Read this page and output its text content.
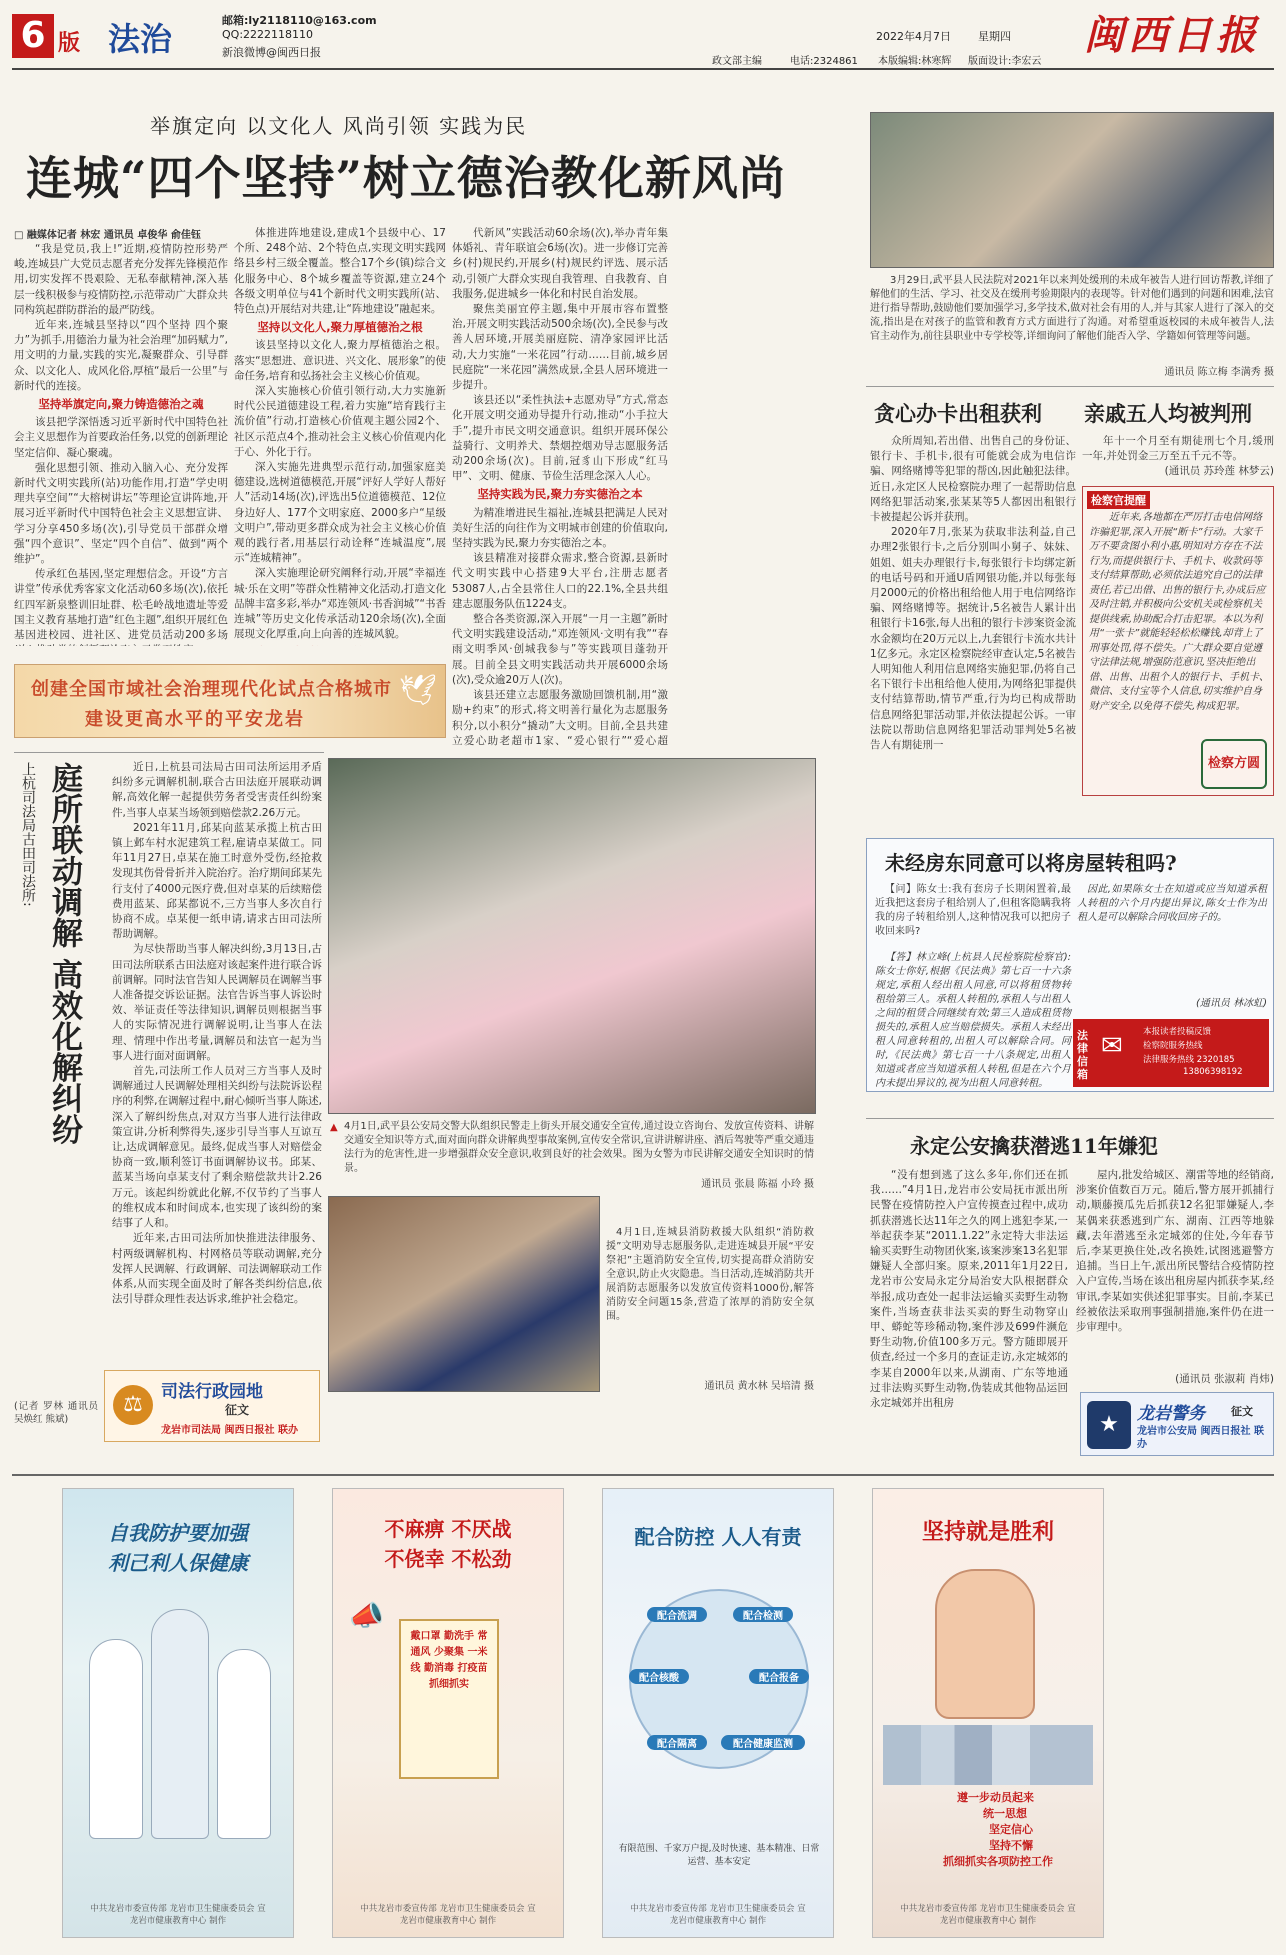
6 版 法治	邮箱:ly2118110@163.com
QQ:2222118110
新浪微博@闽西日报
2022年4月7日 星期四
政文部主编	电话:2324861 本版编辑:林寒辉 版面设计:李宏云
闽西日报
举旗定向 以文化人 风尚引领 实践为民
连城“四个坚持”树立德治教化新风尚
□ 融媒体记者 林宏 通讯员 卓俊华 俞佳钰

“我是党员,我上!”近期,疫情防控形势严峻,连城县广大党员志愿者充分发挥先锋模范作用,切实发挥不畏艰险、无私奉献精神,深入基层一线积极参与疫情防控,示范带动广大群众共同构筑起群防群治的最严防线。

近年来,连城县坚持以“四个坚持 四个聚力”为抓手,用德治力量为社会治理“加码赋力”,用文明的力量,实践的实光,凝聚群众、引导群众、以文化人、成风化俗,厚植“最后一公里”与新时代的连接。

坚持举旗定向,聚力铸造德治之魂

该县把学深悟透习近平新时代中国特色社会主义思想作为首要政治任务,以党的创新理论坚定信仰、凝心聚魂。

强化思想引领、推动入脑入心、充分发挥新时代文明实践所(站)功能作用,打造“学史明理共享空间”“大榕树讲坛”等理论宣讲阵地,开展习近平新时代中国特色社会主义思想宣讲、学习分享450多场(次),引导党员干部群众增强“四个意识”、坚定“四个自信”、做到“两个维护”。

传承红色基因,坚定理想信念。开设“方言讲堂”传承优秀客家文化活动60多场(次),依托红四军新泉整训旧址群、松毛岭战地遗址等爱国主义教育基地打造“红色主题”,组织开展红色基因进校园、进社区、进党员活动200多场

体推进阵地建设,建成1个县级中心、17个所、248个站、2个特色点,实现文明实践网络县乡村三级全覆盖。整合17个乡(镇)综合文化服务中心、8个城乡覆盖等资源,建立24个各级文明单位与41个新时代文明实践所(站、特色点)开展结对共建,让“阵地建设”融起来。

坚持以文化人,聚力厚植德治之根

该县坚持以文化人,聚力厚植德治之根。落实“思想进、意识进、兴文化、展形象”的使命任务,培育和弘扬社会主义核心价值观。

深入实施核心价值引领行动,大力实施新时代公民道德建设工程,着力实施“培育践行主流价值”行动,打造核心价值观主题公园2个、社区示范点4个,推动社会主义核心价值观内化于心、外化于行。

深入实施先进典型示范行动,加强家庭美德建设,选树道德模范,开展“评好人学好人帮好人”活动14场(次),评选出5位道德模范、12位身边好人、177个文明家庭、2000多户“星级文明户”,带动更多群众成为社会主义核心价值观的践行者,用基层行动诠释“连城温度”,展示“连城精神”。

深入实施理论研究阐释行动,开展“幸福连城·乐在文明”等群众性精神文化活动,打造文化品牌丰富多彩,举办“邓连领风·书香润城”“书香连城”等历史文化传承活动120余场(次),全面展现文化厚重,向上向善的连城风貌。

代新风”实践活动60余场(次),举办青年集体婚礼、青年联谊会6场(次)。进一步修订完善乡(村)规民约,开展乡(村)规民约评选、展示活动,引领广大群众实现自我管理、自我教育、自我服务,促进城乡一体化和村民自治发展。

聚焦美丽宜停主题,集中开展市容布置整治,开展文明实践活动500余场(次),全民参与改善人居环境,开展美丽庭院、清净家园评比活动,大力实施“一米花园”行动……目前,城乡居民庭院“一米花园”满然成景,全县人居环境进一步提升。

该县还以“柔性执法+志愿劝导”方式,常态化开展文明交通劝导提升行动,推动“小手拉大手”,提升市民文明交通意识。组织开展环保公益骑行、文明养犬、禁烟控烟劝导志愿服务活动200余场(次)。目前,冠豸山下形成“红马甲”、文明、健康、节俭生活理念深入人心。

坚持实践为民,聚力夯实德治之本

为精准增进民生福祉,连城县把满足人民对美好生活的向往作为文明城市创建的价值取向,坚持实践为民,聚力夯实德治之本。

该县精准对接群众需求,整合资源,县新时代文明实践中心搭建9大平台,注册志愿者53087人,占全县常住人口的22.1%,全县共组建志愿服务队伍1224支。

整合各类资源,深入开展“一月一主题”新时代文明实践建设活动,“邓连领风·文明有我”“春雨文明季风·创城我参与”等实践项目蓬勃开展。目前全县文明实践活动共开展6000余场(次),受众逾20万人(次)。

该县还建立志愿服务激励回馈机制,用“激励+约束”的形式,将文明善行量化为志愿服务积分,以小积分“撬动”大文明。目前,全县共建立爱心助老超市1家、“爱心银行”“爱心超

创建全国市域社会治理现代化试点合格城市
建设更高水平的平安龙岩
🕊
3月29日,武平县人民法院对2021年以来判处缓刑的未成年被告人进行回访帮教,详细了解他们的生活、学习、社交及在缓刑考验期限内的表现等。针对他们遇到的问题和困难,法官进行指导帮助,鼓励他们要加强学习,多学技术,做对社会有用的人,并与其家人进行了深入的交流,指出是在对孩子的监管和教育方式方面进行了沟通。对希望重返校园的未成年被告人,法官主动作为,前往县职业中专学校等,详细询问了解他们能否入学、学籍如何管理等问题。
通讯员 陈立梅 李满秀 摄
贪心办卡出租获利 亲戚五人均被判刑

众所周知,若出借、出售自己的身份证、银行卡、手机卡,很有可能就会成为电信诈骗、网络赌博等犯罪的帮凶,因此触犯法律。近日,永定区人民检察院办理了一起帮助信息网络犯罪活动案,张某某等5人都因出租银行卡被提起公诉并获刑。

2020年7月,张某为获取非法利益,自己办理2张银行卡,之后分别叫小舅子、妹妹、姐姐、姐夫办理银行卡,每张银行卡均绑定新的电话号码和开通U盾网银功能,并以每张每月2000元的价格出租给他人用于电信网络诈骗、网络赌博等。据统计,5名被告人累计出租银行卡16张,每人出租的银行卡涉案资金流水金额均在20万元以上,九套银行卡流水共计1亿多元。永定区检察院经审查认定,5名被告人明知他人利用信息网络实施犯罪,仍将自己名下银行卡出租给他人使用,为网络犯罪提供支付结算帮助,情节严重,行为均已构成帮助信息网络犯罪活动罪,并依法提起公诉。一审法院以帮助信息网络犯罪活动罪判处5名被告人有期徒刑一

年十一个月至有期徒刑七个月,缓刑一年,并处罚金三万至五千元不等。

(通讯员 苏玲莲 林梦云)

检察官提醒
近年来,各地都在严厉打击电信网络诈骗犯罪,深入开展“断卡”行动。大家千万不要贪图小利小惠,明知对方存在不法行为,而提供银行卡、手机卡、收款码等支付结算帮助,必须依法追究自己的法律责任,若已出借、出售的银行卡,办成后应及时注销,并积极向公安机关或检察机关提供线索,协助配合打击犯罪。本以为利用“一张卡”就能轻轻松松赚钱,却背上了刑事处罚,得不偿失。广大群众要自觉遵守法律法规,增强防范意识,坚决拒绝出借、出售、出租个人的银行卡、手机卡、微信、支付宝等个人信息,切实维护自身财产安全,以免得不偿失,构成犯罪。
检察方圆
未经房东同意可以将房屋转租吗?
【问】陈女士:我有套房子长期闲置着,最近我把这套房子租给别人了,但租客隐瞒我将我的房子转租给别人,这种情况我可以把房子收回来吗?
【答】林立峰(上杭县人民检察院检察官):陈女士你好,根据《民法典》第七百一十六条规定,承租人经出租人同意,可以将租赁物转租给第三人。承租人转租的,承租人与出租人之间的租赁合同继续有效;第三人造成租赁物损失的,承租人应当赔偿损失。承租人未经出租人同意转租的,出租人可以解除合同。同时,《民法典》第七百一十八条规定,出租人知道或者应当知道承租人转租,但是在六个月内未提出异议的,视为出租人同意转租。
因此,如果陈女士在知道或应当知道承租人转租的六个月内提出异议,陈女士作为出租人是可以解除合同收回房子的。
(通讯员 林冰虹)
法律信箱
✉ 本报读者投稿反馈
检察院服务热线
法律服务热线 2320185
13806398192
上杭司法局古田司法所: 庭所联动调解 高效化解纠纷	近日,上杭县司法局古田司法所运用矛盾纠纷多元调解机制,联合古田法庭开展联动调解,高效化解一起提供劳务者受害责任纠纷案件,当事人卓某当场领到赔偿款2.26万元。

2021年11月,邱某向蓝某承揽上杭古田镇上邺车村水泥建筑工程,雇请卓某做工。同年11月27日,卓某在施工时意外受伤,经抢救发现其伤骨骨折并入院治疗。治疗期间邱某先行支付了4000元医疗费,但对卓某的后续赔偿费用蓝某、邱某都说不,三方当事人多次自行协商不成。卓某便一纸申请,请求古田司法所帮助调解。

为尽快帮助当事人解决纠纷,3月13日,古田司法所联系古田法庭对该起案件进行联合诉前调解。同时法官告知人民调解员在调解当事人准备提交诉讼证据。法官告诉当事人诉讼时效、举证责任等法律知识,调解员则根据当事人的实际情况进行调解说明,让当事人在法理、情理中作出考量,调解员和法官一起为当事人进行面对面调解。

首先,司法所工作人员对三方当事人及时调解通过人民调解处理相关纠纷与法院诉讼程序的利弊,在调解过程中,耐心倾听当事人陈述,深入了解纠纷焦点,对双方当事人进行法律政策宣讲,分析利弊得失,逐步引导当事人互谅互让,达成调解意见。最终,促成当事人对赔偿金协商一致,顺利签订书面调解协议书。邱某、蓝某当场向卓某支付了剩余赔偿款共计2.26万元。该起纠纷就此化解,不仅节约了当事人的维权成本和时间成本,也实现了该纠纷的案结事了人和。

近年来,古田司法所加快推进法律服务、村两级调解机构、村网格员等联动调解,充分发挥人民调解、行政调解、司法调解联动工作体系,从而实现全面及时了解各类纠纷信息,依法引导群众理性表达诉求,维护社会稳定。

(记者 罗林 通讯员 吴焕红 熊斌)
⚖	司法行政园地
征文
龙岩市司法局 闽西日报社 联办
▲ 4月1日,武平县公安局交警大队组织民警走上街头开展交通安全宣传,通过设立咨询台、发放宣传资料、讲解交通安全知识等方式,面对面向群众讲解典型事故案例,宣传安全常识,宣讲讲解讲座、酒后驾驶等严重交通违法行为的危害性,进一步增强群众安全意识,收到良好的社会效果。图为女警为市民讲解交通安全知识时的情景。
通讯员 张晨 陈福 小玲 摄
4月1日,连城县消防救援大队组织“消防救援”文明劝导志愿服务队,走进连城县开展“平安祭祀”主题消防安全宣传,切实提高群众消防安全意识,防止火灾隐患。当日活动,连城消防共开展消防志愿服务以发放宣传资料1000份,解答消防安全问题15条,营造了浓厚的消防安全氛围。
通讯员 黄水林 吴培清 摄
永定公安擒获潜逃11年嫌犯
“没有想到逃了这么多年,你们还在抓我……”4月1日,龙岩市公安局抚市派出所民警在疫情防控入户宣传摸查过程中,成功抓获潜逃长达11年之久的网上逃犯李某,一举起获李某“2011.1.22”永定特大非法运输买卖野生动物团伙案,该案涉案13名犯罪嫌疑人全部归案。原来,2011年1月22日,龙岩市公安局永定分局治安大队根据群众举报,成功查处一起非法运输买卖野生动物案件,当场查获非法买卖的野生动物穿山甲、蟒蛇等珍稀动物,案件涉及699件濒危野生动物,价值100多万元。警方随即展开侦查,经过一个多月的查证走访,永定城郊的李某自2000年以来,从湖南、广东等地通过非法购买野生动物,伪装成其他物品运回永定城郊并出租房
屋内,批发给城区、潮雷等地的经销商,涉案价值数百万元。随后,警方展开抓捕行动,顺藤摸瓜先后抓获12名犯罪嫌疑人,李某偶来获悉逃到广东、湖南、江西等地躲藏,去年潜逃至永定城郊的住处,今年春节后,李某更换住处,改名换姓,试图逃避警方追捕。当日上午,派出所民警结合疫情防控入户宣传,当场在该出租房屋内抓获李某,经审讯,李某如实供述犯罪事实。目前,李某已经被依法采取刑事强制措施,案件仍在进一步审理中。
(通讯员 张淑莉 肖炜)
★	龙岩警务 征文
龙岩市公安局 闽西日报社 联办
自我防护要加强
利己利人保健康
中共龙岩市委宣传部 龙岩市卫生健康委员会 宣
龙岩市健康教育中心 制作
不麻痹 不厌战
不侥幸 不松劲
戴口罩 勤洗手 常通风 少聚集 一米线 勤消毒 打疫苗 抓细抓实
📣
中共龙岩市委宣传部 龙岩市卫生健康委员会 宣
龙岩市健康教育中心 制作
配合防控 人人有责
配合流调	配合检测
配合核酸	配合报备
配合隔离	配合健康监测
有限范围、千家万户提,及时快速、基本精准、日常运营、基本安定
中共龙岩市委宣传部 龙岩市卫生健康委员会 宣
龙岩市健康教育中心 制作
坚持就是胜利
遵一步动员起来
统一思想
坚定信心
坚持不懈
抓细抓实各项防控工作
中共龙岩市委宣传部 龙岩市卫生健康委员会 宣
龙岩市健康教育中心 制作
